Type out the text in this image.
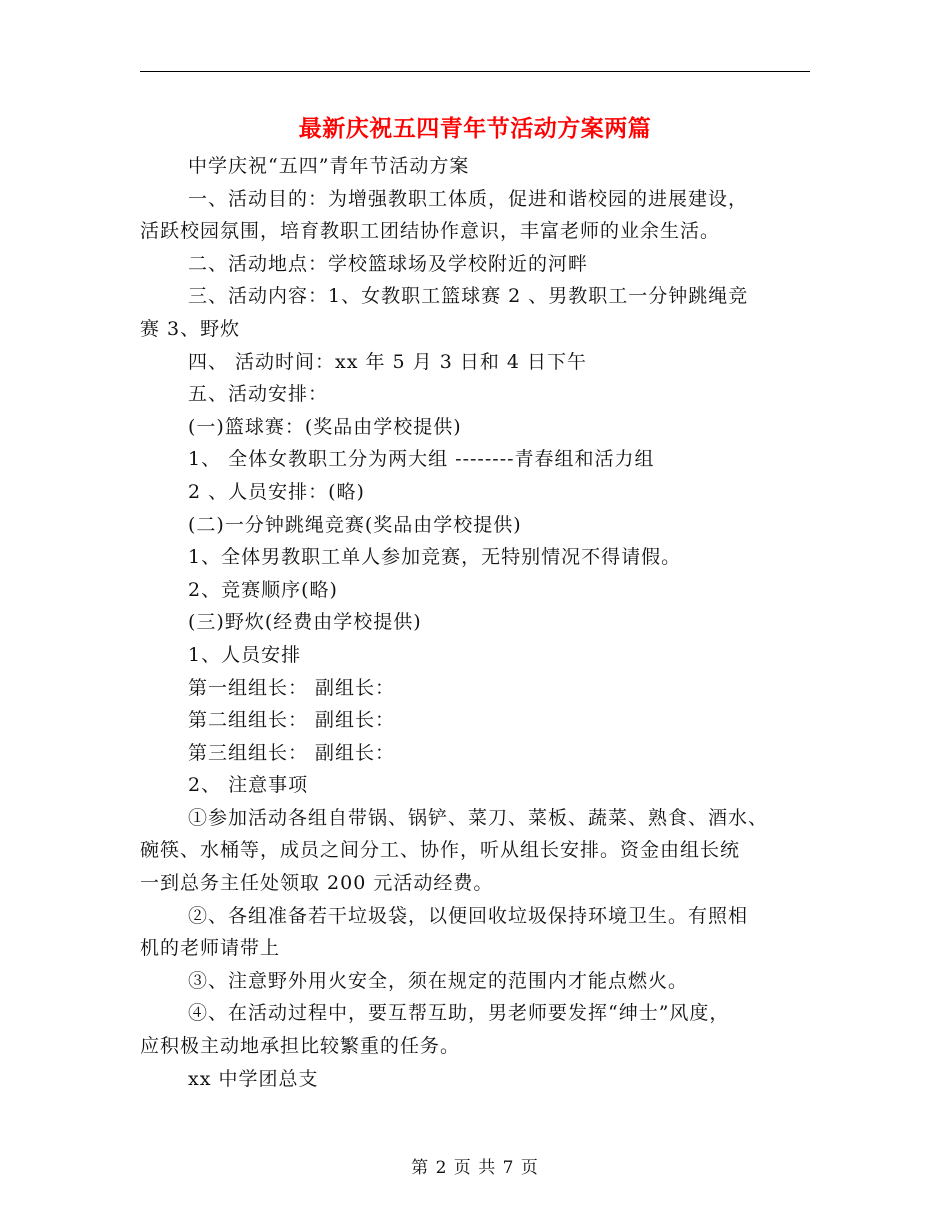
最新庆祝五四青年节活动方案两篇
中学庆祝“五四”青年节活动方案
一、活动目的：为增强教职工体质，促进和谐校园的进展建设，
活跃校园氛围，培育教职工团结协作意识，丰富老师的业余生活。
二、活动地点：学校篮球场及学校附近的河畔
三、活动内容：1、女教职工篮球赛 2 、男教职工一分钟跳绳竞
赛 3、野炊
四、 活动时间：xx 年 5 月 3 日和 4 日下午
五、活动安排：
(一)篮球赛：(奖品由学校提供)
1、 全体女教职工分为两大组 --------青春组和活力组
2 、人员安排：(略)
(二)一分钟跳绳竞赛(奖品由学校提供)
1、全体男教职工单人参加竞赛，无特别情况不得请假。
2、竞赛顺序(略)
(三)野炊(经费由学校提供)
1、人员安排
第一组组长： 副组长：
第二组组长： 副组长：
第三组组长： 副组长：
2、 注意事项
①参加活动各组自带锅、锅铲、菜刀、菜板、蔬菜、熟食、酒水、
碗筷、水桶等，成员之间分工、协作，听从组长安排。资金由组长统
一到总务主任处领取 200 元活动经费。
②、各组准备若干垃圾袋，以便回收垃圾保持环境卫生。有照相
机的老师请带上
③、注意野外用火安全，须在规定的范围内才能点燃火。
④、在活动过程中，要互帮互助，男老师要发挥“绅士”风度，
应积极主动地承担比较繁重的任务。
xx 中学团总支
第 2 页 共 7 页
